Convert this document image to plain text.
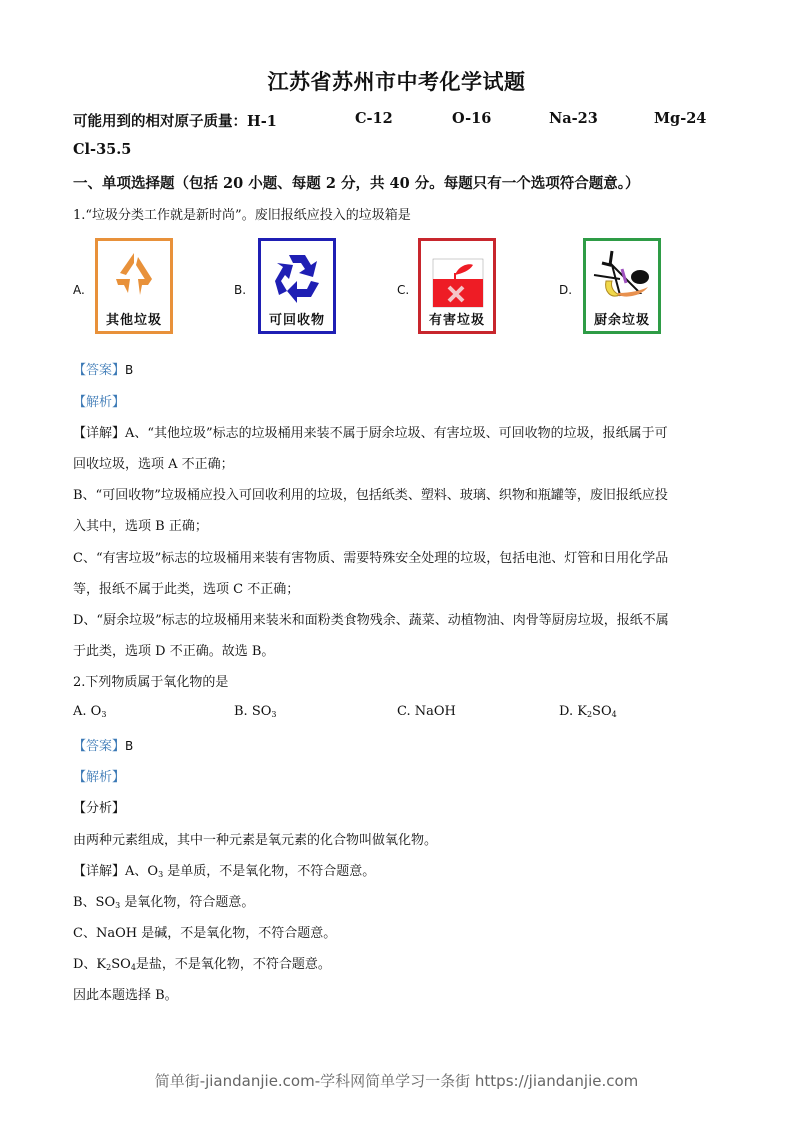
江苏省苏州市中考化学试题
可能用到的相对原子质量：H-1	C-12	O-16	Na-23	Mg-24
Cl-35.5
一、单项选择题（包括 20 小题、每题 2 分，共 40 分。每题只有一个选项符合题意。）
1.“垃圾分类工作就是新时尚”。废旧报纸应投入的垃圾箱是
A.
其他垃圾
B.
可回收物
C.
有害垃圾
D.
厨余垃圾
【答案】B
【解析】
【详解】A、“其他垃圾”标志的垃圾桶用来装不属于厨余垃圾、有害垃圾、可回收物的垃圾，报纸属于可
回收垃圾，选项 A 不正确；
B、“可回收物”垃圾桶应投入可回收利用的垃圾，包括纸类、塑料、玻璃、织物和瓶罐等，废旧报纸应投
入其中，选项 B 正确；
C、“有害垃圾”标志的垃圾桶用来装有害物质、需要特殊安全处理的垃圾，包括电池、灯管和日用化学品
等，报纸不属于此类，选项 C 不正确；
D、“厨余垃圾”标志的垃圾桶用来装米和面粉类食物残余、蔬菜、动植物油、肉骨等厨房垃圾，报纸不属
于此类，选项 D 不正确。故选 B。
2.下列物质属于氧化物的是
A. $O_3$	B. $SO_3$	C. NaOH	D. $K_2SO_4$
【答案】B
【解析】
【分析】
由两种元素组成，其中一种元素是氧元素的化合物叫做氧化物。
【详解】A、$O_3$ 是单质，不是氧化物，不符合题意。
B、$SO_3$ 是氧化物，符合题意。
C、NaOH 是碱，不是氧化物，不符合题意。
D、$K_2SO_4$是盐，不是氧化物，不符合题意。
因此本题选择 B。
简单街-jiandanjie.com-学科网简单学习一条街 https://jiandanjie.com
